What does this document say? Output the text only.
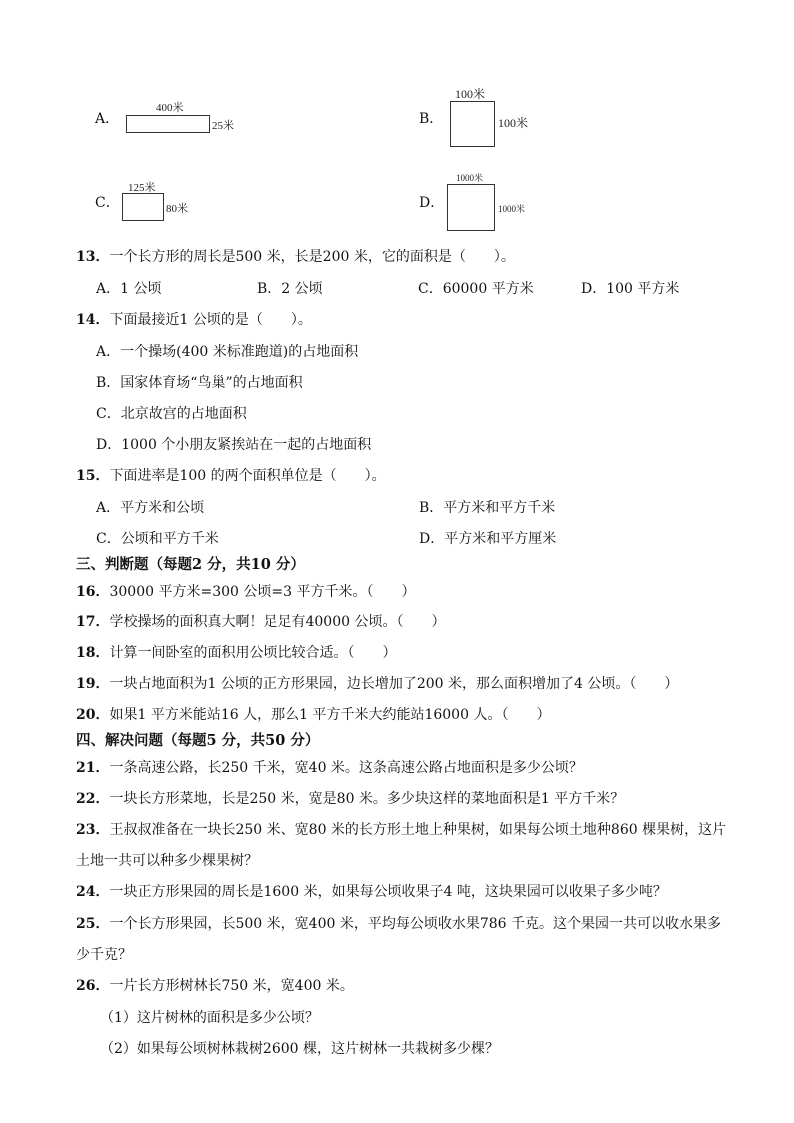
A．
400米
25米	B．
100米
100米
C．
125米
80米	D．
1000米
1000米
13．一个长方形的周长是500 米，长是200 米，它的面积是（　　）。
A．1 公顷	B．2 公顷	C．60000 平方米	D．100 平方米
14．下面最接近1 公顷的是（　　）。
A．一个操场(400 米标准跑道)的占地面积
B．国家体育场“鸟巢”的占地面积
C．北京故宫的占地面积
D．1000 个小朋友紧挨站在一起的占地面积
15．下面进率是100 的两个面积单位是（　　）。
A．平方米和公顷	B．平方米和平方千米
C．公顷和平方千米	D．平方米和平方厘米
三、判断题（每题2 分，共10 分）
16．30000 平方米=300 公顷=3 平方千米。（　　）
17．学校操场的面积真大啊！足足有40000 公顷。（　　）
18．计算一间卧室的面积用公顷比较合适。（　　）
19．一块占地面积为1 公顷的正方形果园，边长增加了200 米，那么面积增加了4 公顷。（　　）
20．如果1 平方米能站16 人，那么1 平方千米大约能站16000 人。（　　）
四、解决问题（每题5 分，共50 分）
21．一条高速公路，长250 千米，宽40 米。这条高速公路占地面积是多少公顷？
22．一块长方形菜地，长是250 米，宽是80 米。多少块这样的菜地面积是1 平方千米？
23．王叔叔准备在一块长250 米、宽80 米的长方形土地上种果树，如果每公顷土地种860 棵果树，这片
土地一共可以种多少棵果树？
24．一块正方形果园的周长是1600 米，如果每公顷收果子4 吨，这块果园可以收果子多少吨？
25．一个长方形果园，长500 米，宽400 米，平均每公顷收水果786 千克。这个果园一共可以收水果多
少千克？
26．一片长方形树林长750 米，宽400 米。
（1）这片树林的面积是多少公顷？
（2）如果每公顷树林栽树2600 棵，这片树林一共栽树多少棵？
